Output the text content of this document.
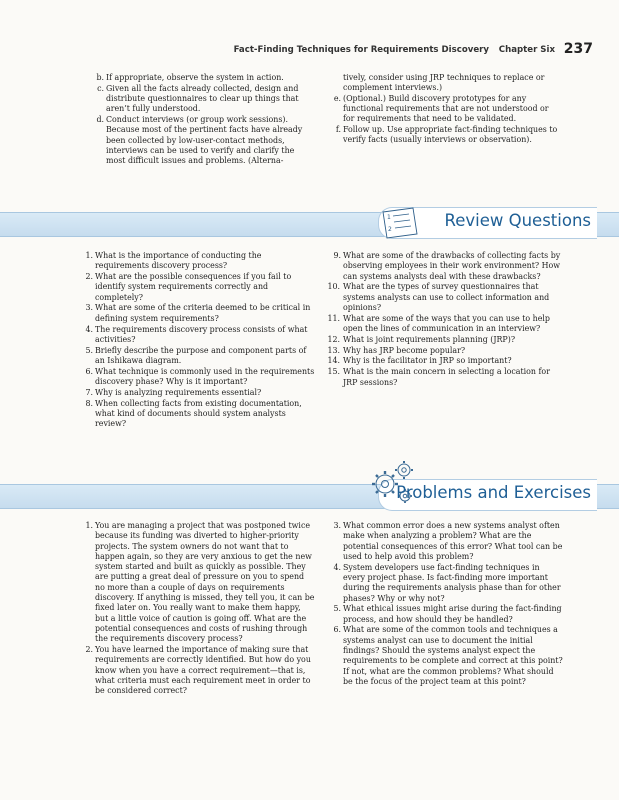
Fact-Finding Techniques for Requirements Discovery Chapter Six 237
b. If appropriate, observe the system in action.
c. Given all the facts already collected, design and distribute questionnaires to clear up things that aren’t fully understood.
d. Conduct interviews (or group work sessions). Because most of the pertinent facts have already been collected by low-user-contact methods, interviews can be used to verify and clarify the most difficult issues and problems. (Alterna-
tively, consider using JRP techniques to replace or complement interviews.)
e. (Optional.) Build discovery prototypes for any functional requirements that are not understood or for requirements that need to be validated.
f. Follow up. Use appropriate fact-finding techniques to verify facts (usually interviews or observation).
1
2	Review Questions
1. What is the importance of conducting the requirements discovery process?
2. What are the possible consequences if you fail to identify system requirements correctly and completely?
3. What are some of the criteria deemed to be critical in defining system requirements?
4. The requirements discovery process consists of what activities?
5. Briefly describe the purpose and component parts of an Ishikawa diagram.
6. What technique is commonly used in the requirements discovery phase? Why is it important?
7. Why is analyzing requirements essential?
8. When collecting facts from existing documentation, what kind of documents should system analysts review?
9. What are some of the drawbacks of collecting facts by observing employees in their work environment? How can systems analysts deal with these drawbacks?
10. What are the types of survey questionnaires that systems analysts can use to collect information and opinions?
11. What are some of the ways that you can use to help open the lines of communication in an interview?
12. What is joint requirements planning (JRP)?
13. Why has JRP become popular?
14. Why is the facilitator in JRP so important?
15. What is the main concern in selecting a location for JRP sessions?
Problems and Exercises
1. You are managing a project that was postponed twice because its funding was diverted to higher-priority projects. The system owners do not want that to happen again, so they are very anxious to get the new system started and built as quickly as possible. They are putting a great deal of pressure on you to spend no more than a couple of days on requirements discovery. If anything is missed, they tell you, it can be fixed later on. You really want to make them happy, but a little voice of caution is going off. What are the potential consequences and costs of rushing through the requirements discovery process?
2. You have learned the importance of making sure that requirements are correctly identified. But how do you know when you have a correct requirement—that is, what criteria must each requirement meet in order to be considered correct?
3. What common error does a new systems analyst often make when analyzing a problem? What are the potential consequences of this error? What tool can be used to help avoid this problem?
4. System developers use fact-finding techniques in every project phase. Is fact-finding more important during the requirements analysis phase than for other phases? Why or why not?
5. What ethical issues might arise during the fact-finding process, and how should they be handled?
6. What are some of the common tools and techniques a systems analyst can use to document the initial findings? Should the systems analyst expect the requirements to be complete and correct at this point? If not, what are the common problems? What should be the focus of the project team at this point?
